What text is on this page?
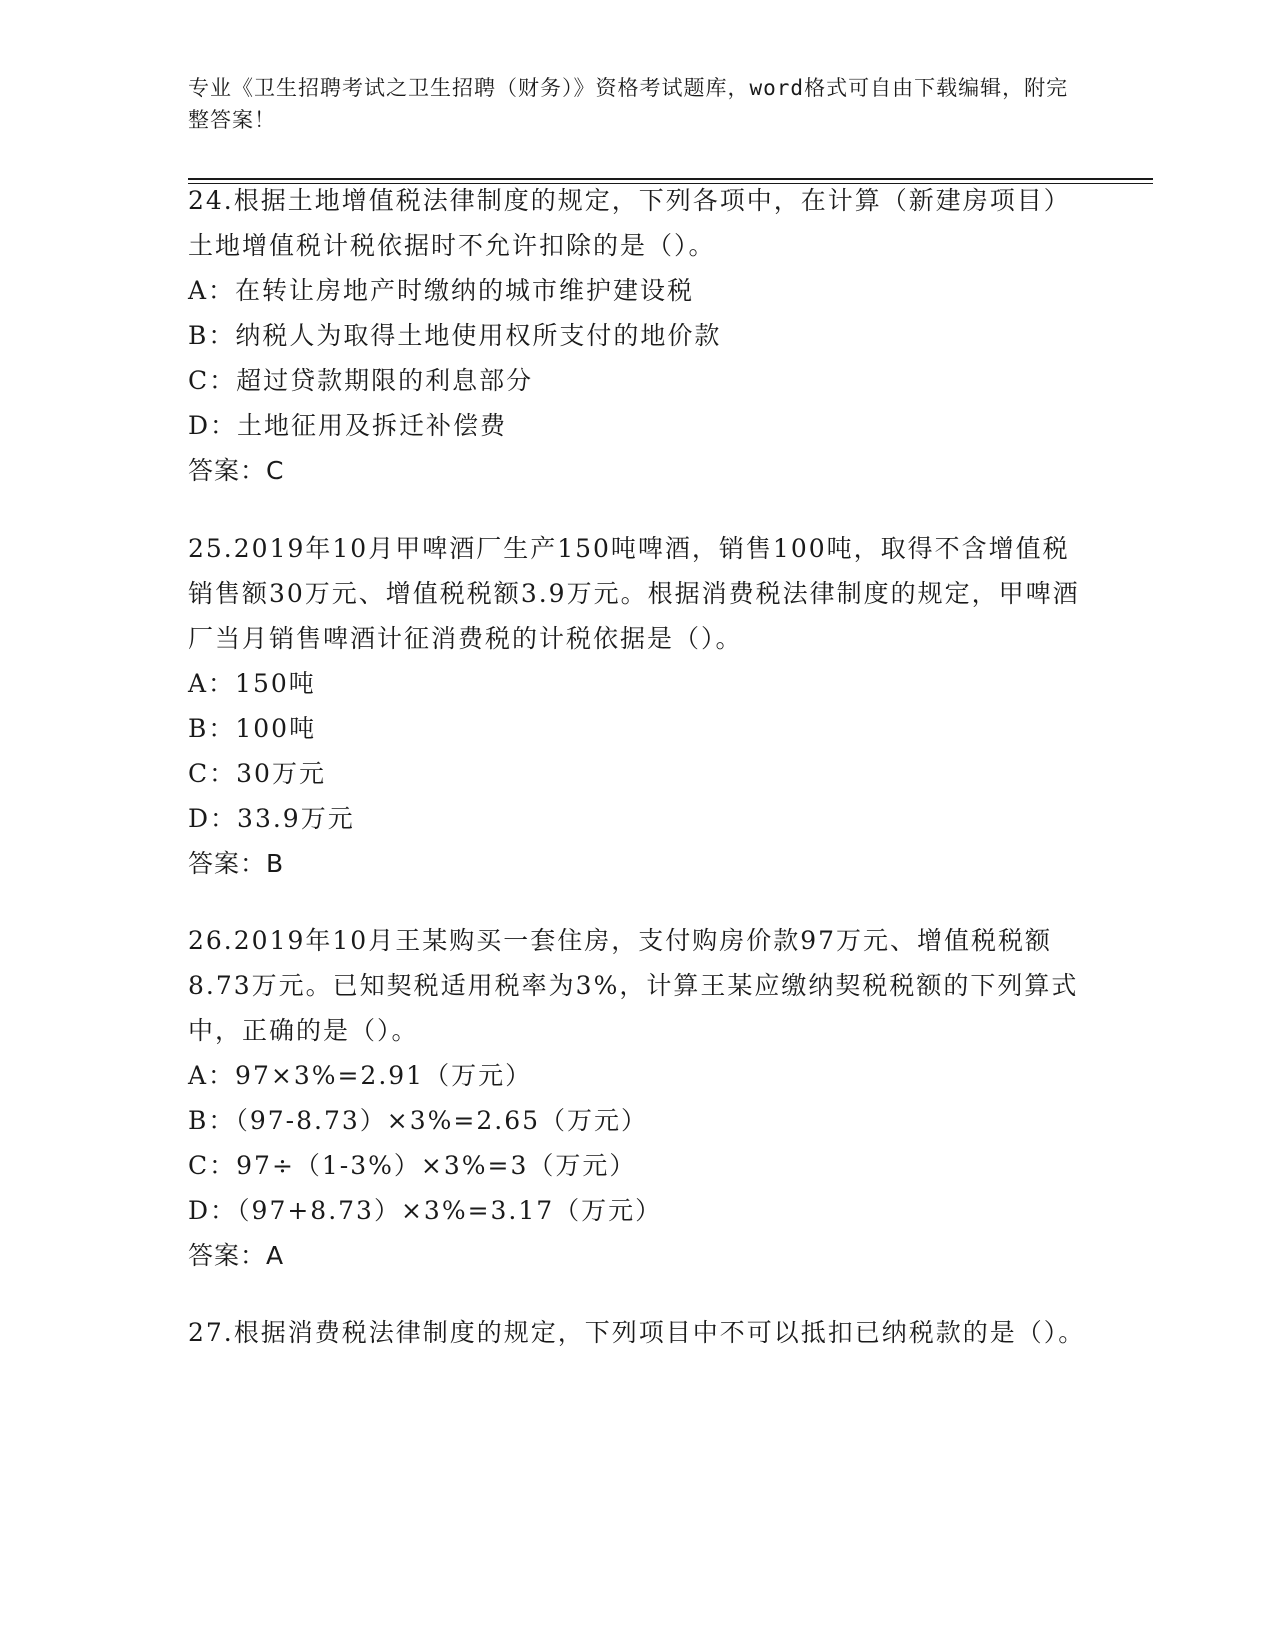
专业《卫生招聘考试之卫生招聘（财务）》资格考试题库，word格式可自由下载编辑，附完整答案！

24.根据土地增值税法律制度的规定，下列各项中，在计算（新建房项目）土地增值税计税依据时不允许扣除的是（）。

A：在转让房地产时缴纳的城市维护建设税

B：纳税人为取得土地使用权所支付的地价款

C：超过贷款期限的利息部分

D：土地征用及拆迁补偿费

答案：C

25.2019年10月甲啤酒厂生产150吨啤酒，销售100吨，取得不含增值税销售额30万元、增值税税额3.9万元。根据消费税法律制度的规定，甲啤酒厂当月销售啤酒计征消费税的计税依据是（）。

A：150吨

B：100吨

C：30万元

D：33.9万元

答案：B

26.2019年10月王某购买一套住房，支付购房价款97万元、增值税税额8.73万元。已知契税适用税率为3%，计算王某应缴纳契税税额的下列算式中，正确的是（）。

A：97×3%=2.91（万元）

B：（97-8.73）×3%=2.65（万元）

C：97÷（1-3%）×3%=3（万元）

D：（97+8.73）×3%=3.17（万元）

答案：A

27.根据消费税法律制度的规定，下列项目中不可以抵扣已纳税款的是（）。
